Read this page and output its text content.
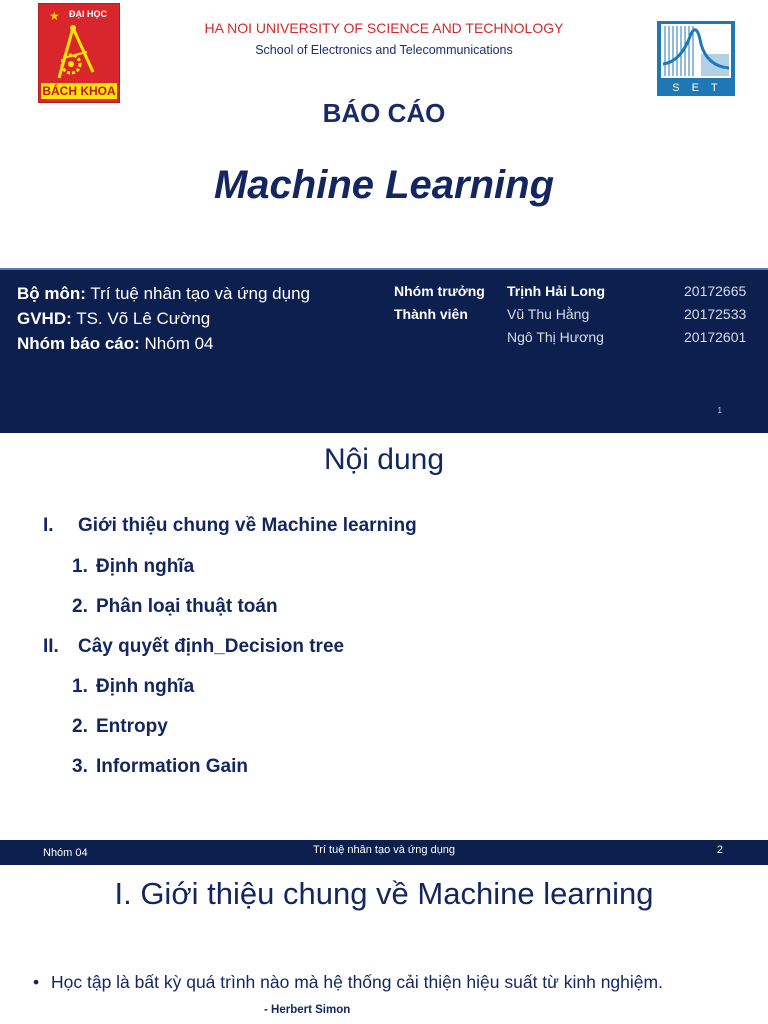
★ ĐẠI HỌC
BÁCH KHOA
HA NOI UNIVERSITY OF SCIENCE AND TECHNOLOGY
School of Electronics and Telecommunications
SET
BÁO CÁO
Machine Learning
Bộ môn: Trí tuệ nhân tạo và ứng dụng
GVHD: TS. Võ Lê Cường
Nhóm báo cáo: Nhóm 04
Nhóm trưởng
Thành viên
Trịnh Hải Long
Vũ Thu Hằng
Ngô Thị Hương
20172665
20172533
20172601
1
Nội dung
I. Giới thiệu chung về Machine learning
1. Định nghĩa
2. Phân loại thuật toán
II. Cây quyết định_Decision tree
1. Định nghĩa
2. Entropy
3. Information Gain
Nhóm 04	Trí tuệ nhân tạo và ứng dụng	2
I. Giới thiệu chung về Machine learning
• Học tập là bất kỳ quá trình nào mà hệ thống cải thiện hiệu suất từ kinh nghiệm.
- Herbert Simon
